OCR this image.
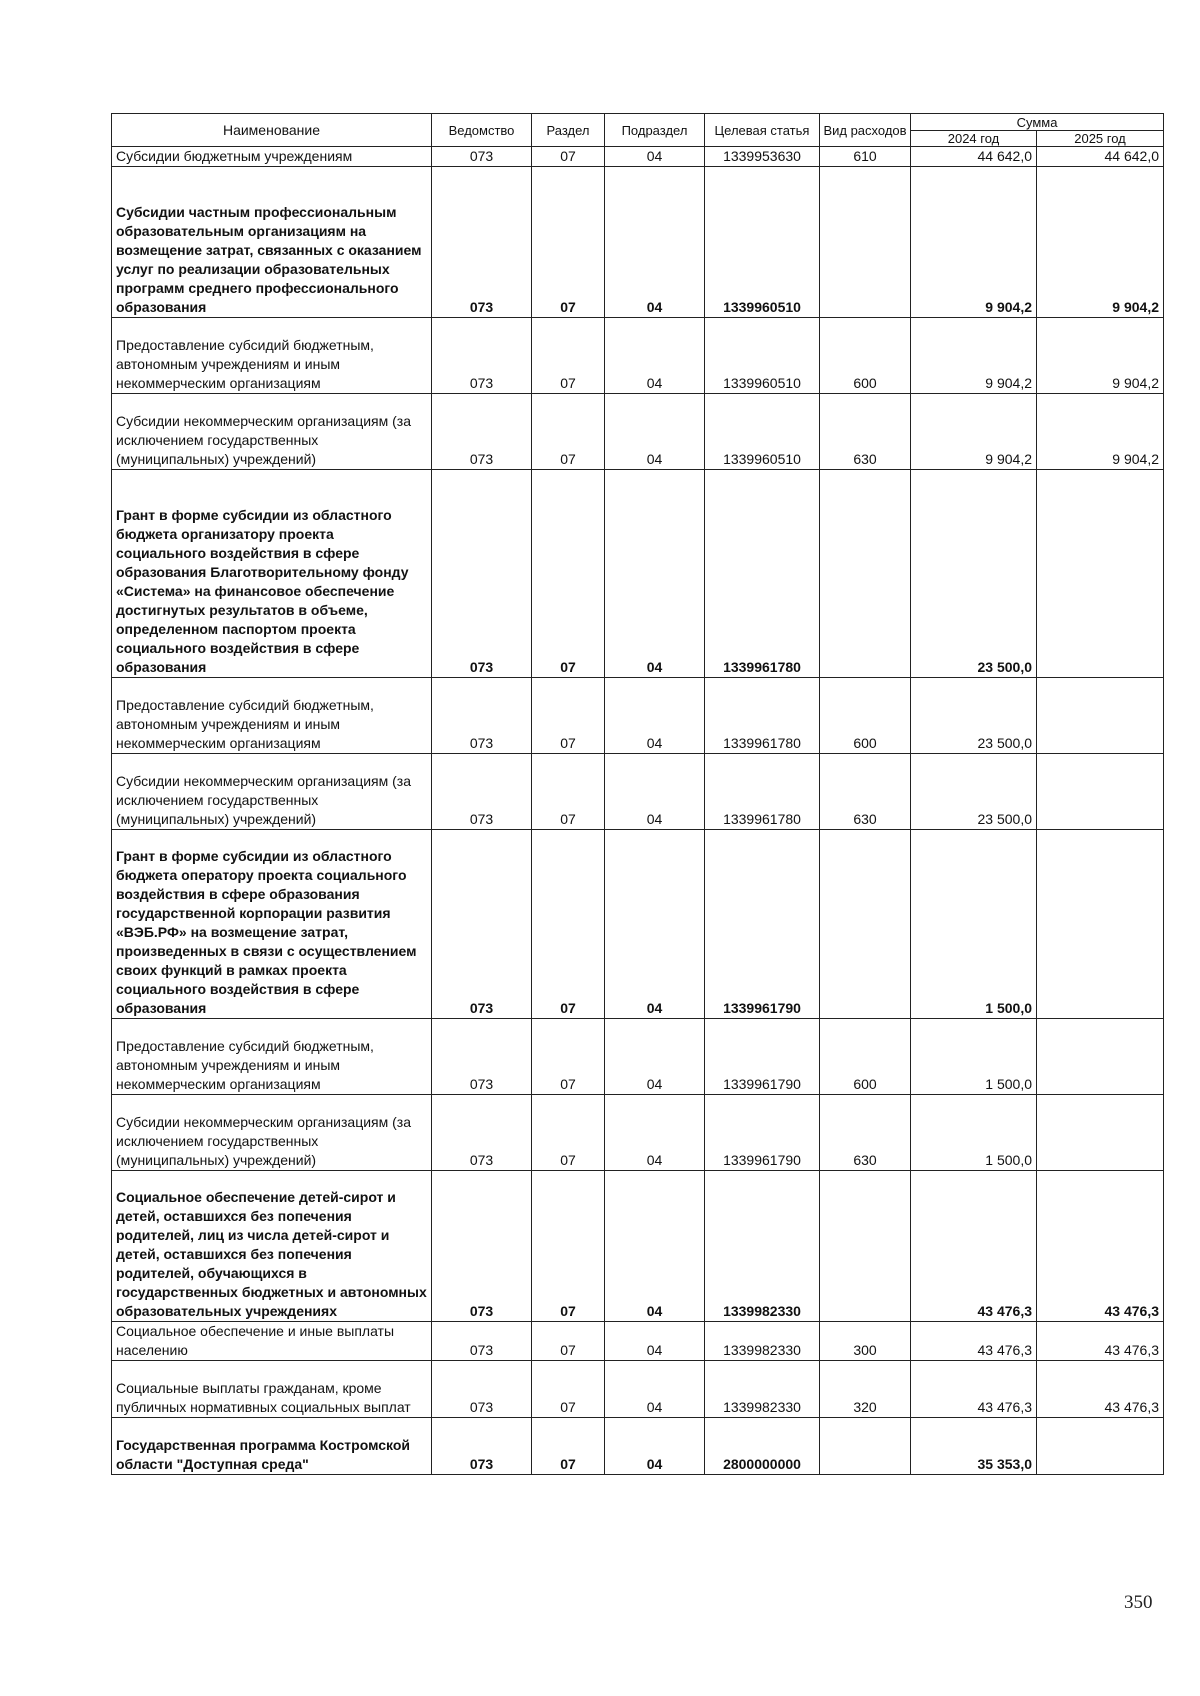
Наименование	Ведомство	Раздел	Подраздел	Целевая статья	Вид расходов	Сумма	
						2024 год	2025 год
Субсидии бюджетным учреждениям	073	07	04	1339953630	610	44 642,0	44 642,0
Субсидии частным профессиональным образовательным организациям на возмещение затрат, связанных с оказанием услуг по реализации образовательных программ среднего профессионального образования	073	07	04	1339960510		9 904,2	9 904,2
Предоставление субсидий бюджетным, автономным учреждениям и иным некоммерческим организациям	073	07	04	1339960510	600	9 904,2	9 904,2
Субсидии некоммерческим организациям (за исключением государственных (муниципальных) учреждений)	073	07	04	1339960510	630	9 904,2	9 904,2
Грант в форме субсидии из областного бюджета организатору проекта социального воздействия в сфере образования Благотворительному фонду «Система» на финансовое обеспечение достигнутых результатов в объеме, определенном паспортом проекта социального воздействия в сфере образования	073	07	04	1339961780		23 500,0	
Предоставление субсидий бюджетным, автономным учреждениям и иным некоммерческим организациям	073	07	04	1339961780	600	23 500,0	
Субсидии некоммерческим организациям (за исключением государственных (муниципальных) учреждений)	073	07	04	1339961780	630	23 500,0	
Грант в форме субсидии из областного бюджета оператору проекта социального воздействия в сфере образования государственной корпорации развития «ВЭБ.РФ» на возмещение затрат, произведенных в связи с осуществлением своих функций в рамках проекта социального воздействия в сфере образования	073	07	04	1339961790		1 500,0	
Предоставление субсидий бюджетным, автономным учреждениям и иным некоммерческим организациям	073	07	04	1339961790	600	1 500,0	
Субсидии некоммерческим организациям (за исключением государственных (муниципальных) учреждений)	073	07	04	1339961790	630	1 500,0	
Социальное обеспечение детей-сирот и детей, оставшихся без попечения родителей, лиц из числа детей-сирот и детей, оставшихся без попечения родителей, обучающихся в государственных бюджетных и автономных образовательных учреждениях	073	07	04	1339982330		43 476,3	43 476,3
Социальное обеспечение и иные выплаты населению	073	07	04	1339982330	300	43 476,3	43 476,3
Социальные выплаты гражданам, кроме публичных нормативных социальных выплат	073	07	04	1339982330	320	43 476,3	43 476,3
Государственная программа Костромской области "Доступная среда"	073	07	04	2800000000		35 353,0	
350
